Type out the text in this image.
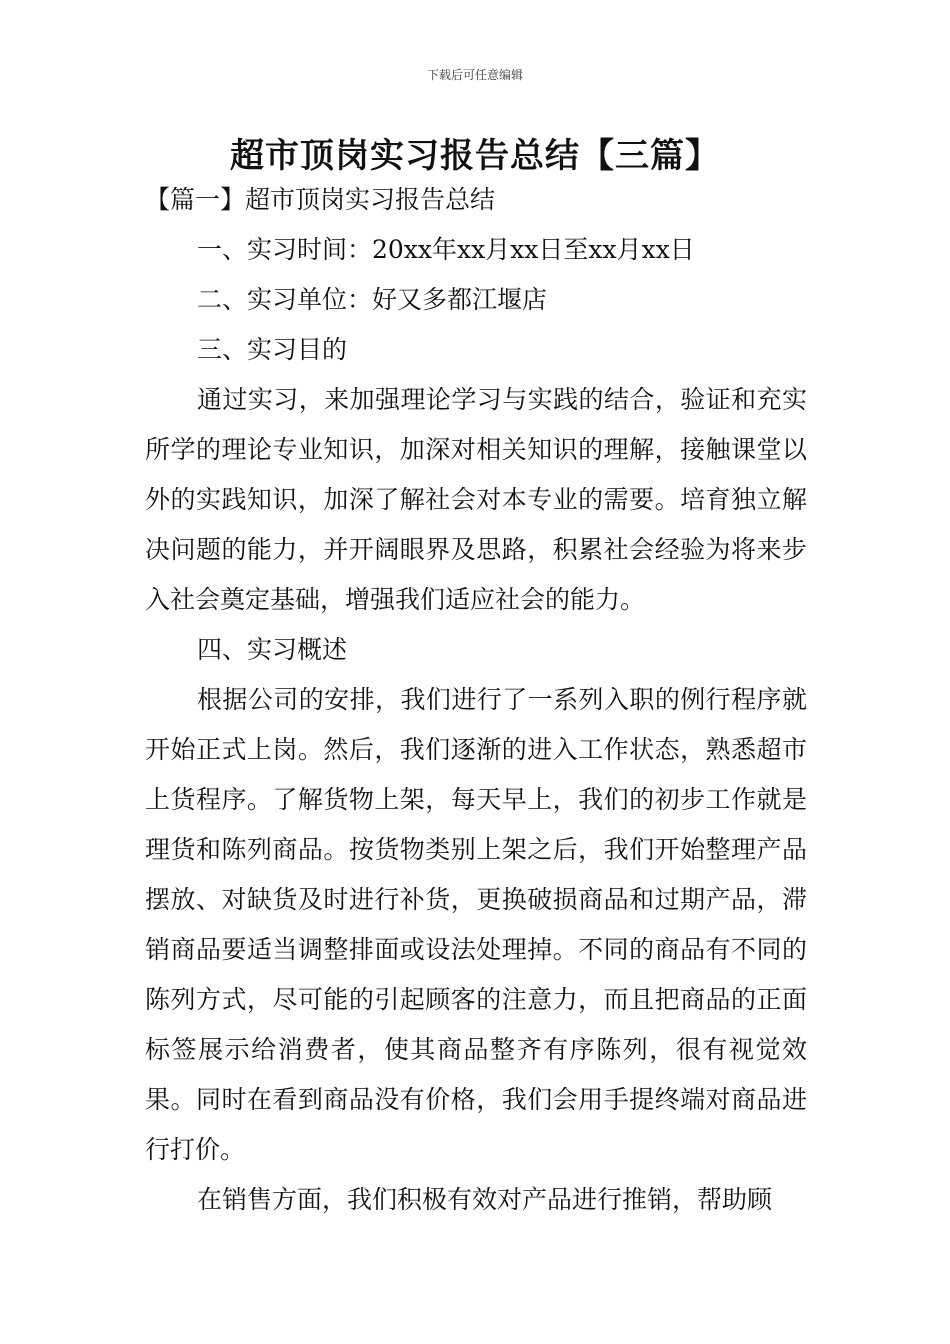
下载后可任意编辑
超市顶岗实习报告总结【三篇】

【篇一】超市顶岗实习报告总结

一、实习时间：20xx年xx月xx日至xx月xx日

二、实习单位：好又多都江堰店

三、实习目的

通过实习，来加强理论学习与实践的结合，验证和充实所学的理论专业知识，加深对相关知识的理解，接触课堂以外的实践知识，加深了解社会对本专业的需要。培育独立解决问题的能力，并开阔眼界及思路，积累社会经验为将来步入社会奠定基础，增强我们适应社会的能力。

四、实习概述

根据公司的安排，我们进行了一系列入职的例行程序就开始正式上岗。然后，我们逐渐的进入工作状态，熟悉超市上货程序。了解货物上架，每天早上，我们的初步工作就是理货和陈列商品。按货物类别上架之后，我们开始整理产品摆放、对缺货及时进行补货，更换破损商品和过期产品，滞销商品要适当调整排面或设法处理掉。不同的商品有不同的陈列方式，尽可能的引起顾客的注意力，而且把商品的正面标签展示给消费者，使其商品整齐有序陈列，很有视觉效果。同时在看到商品没有价格，我们会用手提终端对商品进行打价。

在销售方面，我们积极有效对产品进行推销，帮助顾
